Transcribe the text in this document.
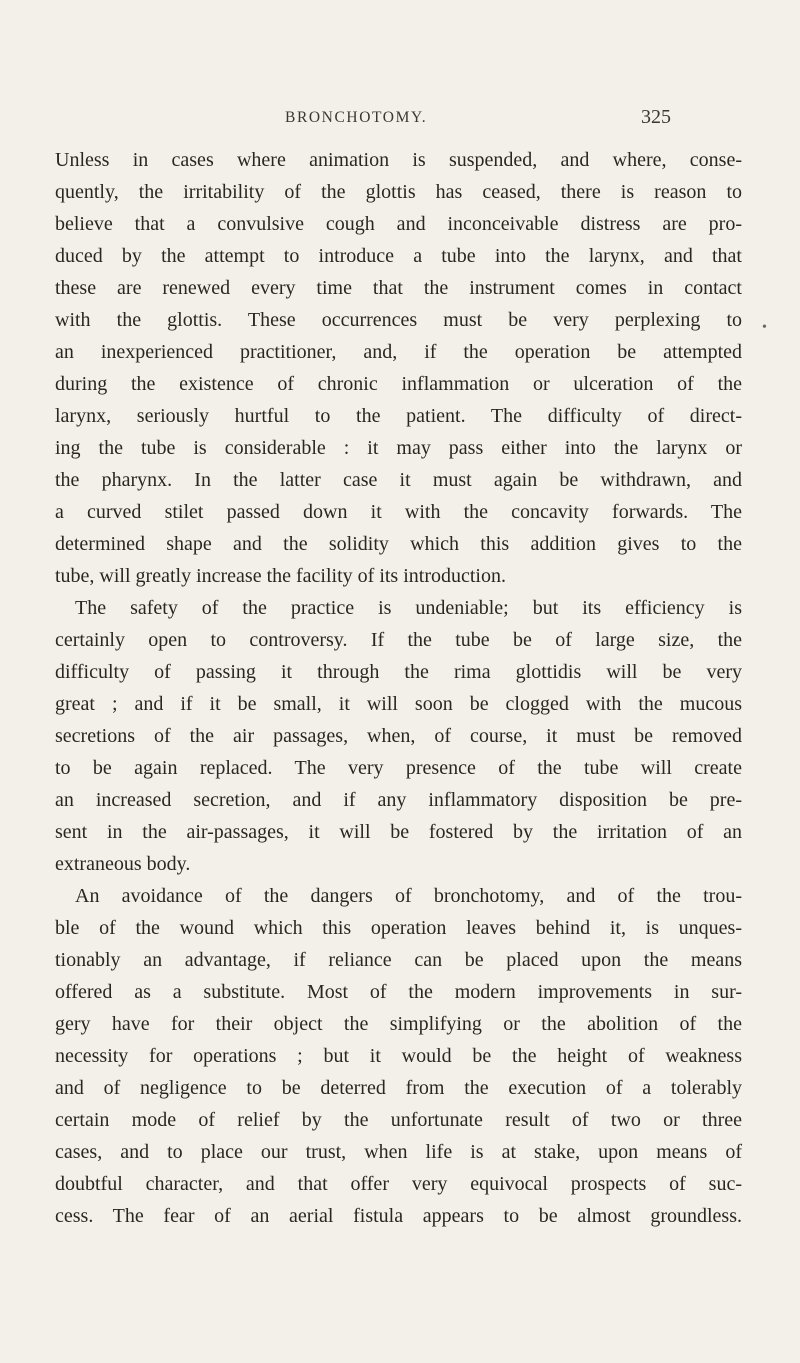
BRONCHOTOMY.	325
•
Unless in cases where animation is suspended, and where, conse-
quently, the irritability of the glottis has ceased, there is reason to
believe that a convulsive cough and inconceivable distress are pro-
duced by the attempt to introduce a tube into the larynx, and that
these are renewed every time that the instrument comes in contact
with the glottis. These occurrences must be very perplexing to
an inexperienced practitioner, and, if the operation be attempted
during the existence of chronic inflammation or ulceration of the
larynx, seriously hurtful to the patient. The difficulty of direct-
ing the tube is considerable : it may pass either into the larynx or
the pharynx. In the latter case it must again be withdrawn, and
a curved stilet passed down it with the concavity forwards. The
determined shape and the solidity which this addition gives to the
tube, will greatly increase the facility of its introduction.
The safety of the practice is undeniable; but its efficiency is
certainly open to controversy. If the tube be of large size, the
difficulty of passing it through the rima glottidis will be very
great ; and if it be small, it will soon be clogged with the mucous
secretions of the air passages, when, of course, it must be removed
to be again replaced. The very presence of the tube will create
an increased secretion, and if any inflammatory disposition be pre-
sent in the air-passages, it will be fostered by the irritation of an
extraneous body.
An avoidance of the dangers of bronchotomy, and of the trou-
ble of the wound which this operation leaves behind it, is unques-
tionably an advantage, if reliance can be placed upon the means
offered as a substitute. Most of the modern improvements in sur-
gery have for their object the simplifying or the abolition of the
necessity for operations ; but it would be the height of weakness
and of negligence to be deterred from the execution of a tolerably
certain mode of relief by the unfortunate result of two or three
cases, and to place our trust, when life is at stake, upon means of
doubtful character, and that offer very equivocal prospects of suc-
cess. The fear of an aerial fistula appears to be almost groundless.
